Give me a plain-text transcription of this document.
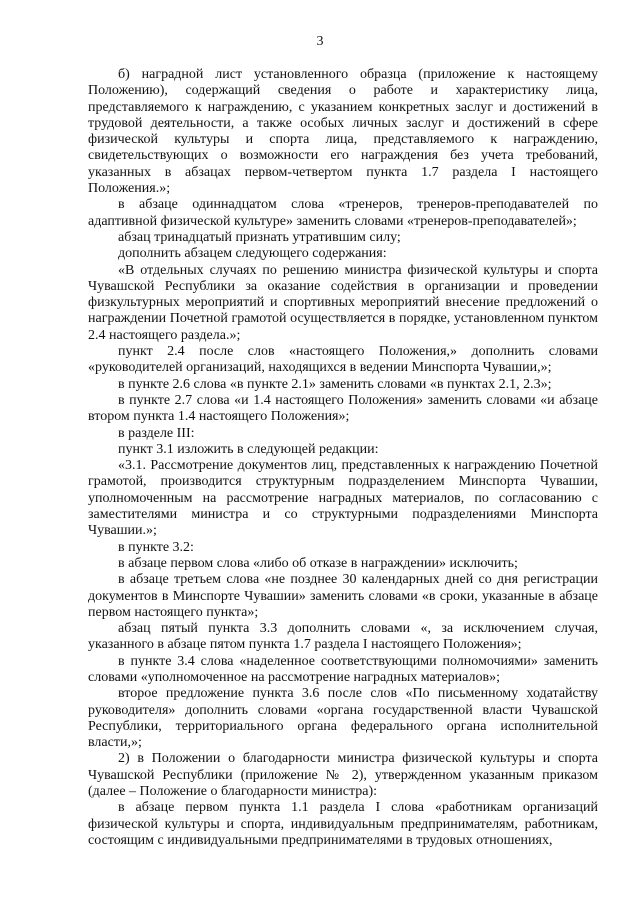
3

б) наградной лист установленного образца (приложение к настоящему Положению), содержащий сведения о работе и характеристику лица, представляемого к награждению, с указанием конкретных заслуг и достижений в трудовой деятельности, а также особых личных заслуг и достижений в сфере физической культуры и спорта лица, представляемого к награждению, свидетельствующих о возможности его награждения без учета требований, указанных в абзацах первом-четвертом пункта 1.7 раздела I настоящего Положения.»;

в абзаце одиннадцатом слова «тренеров, тренеров-преподавателей по адаптивной физической культуре» заменить словами «тренеров-преподавателей»;

абзац тринадцатый признать утратившим силу;

дополнить абзацем следующего содержания:

«В отдельных случаях по решению министра физической культуры и спорта Чувашской Республики за оказание содействия в организации и проведении физкультурных мероприятий и спортивных мероприятий внесение предложений о награждении Почетной грамотой осуществляется в порядке, установленном пунктом 2.4 настоящего раздела.»;

пункт 2.4 после слов «настоящего Положения,» дополнить словами «руководителей организаций, находящихся в ведении Минспорта Чувашии,»;

в пункте 2.6 слова «в пункте 2.1» заменить словами «в пунктах 2.1, 2.3»;

в пункте 2.7 слова «и 1.4 настоящего Положения» заменить словами «и абзаце втором пункта 1.4 настоящего Положения»;

в разделе III:

пункт 3.1 изложить в следующей редакции:

«3.1. Рассмотрение документов лиц, представленных к награждению Почетной грамотой, производится структурным подразделением Минспорта Чувашии, уполномоченным на рассмотрение наградных материалов, по согласованию с заместителями министра и со структурными подразделениями Минспорта Чувашии.»;

в пункте 3.2:

в абзаце первом слова «либо об отказе в награждении» исключить;

в абзаце третьем слова «не позднее 30 календарных дней со дня регистрации документов в Минспорте Чувашии» заменить словами «в сроки, указанные в абзаце первом настоящего пункта»;

абзац пятый пункта 3.3 дополнить словами «, за исключением случая, указанного в абзаце пятом пункта 1.7 раздела I настоящего Положения»;

в пункте 3.4 слова «наделенное соответствующими полномочиями» заменить словами «уполномоченное на рассмотрение наградных материалов»;

второе предложение пункта 3.6 после слов «По письменному ходатайству руководителя» дополнить словами «органа государственной власти Чувашской Республики, территориального органа федерального органа исполнительной власти,»;

2) в Положении о благодарности министра физической культуры и спорта Чувашской Республики (приложение № 2), утвержденном указанным приказом (далее – Положение о благодарности министра):

в абзаце первом пункта 1.1 раздела I слова «работникам организаций физической культуры и спорта, индивидуальным предпринимателям, работникам, состоящим с индивидуальными предпринимателями в трудовых отношениях,
